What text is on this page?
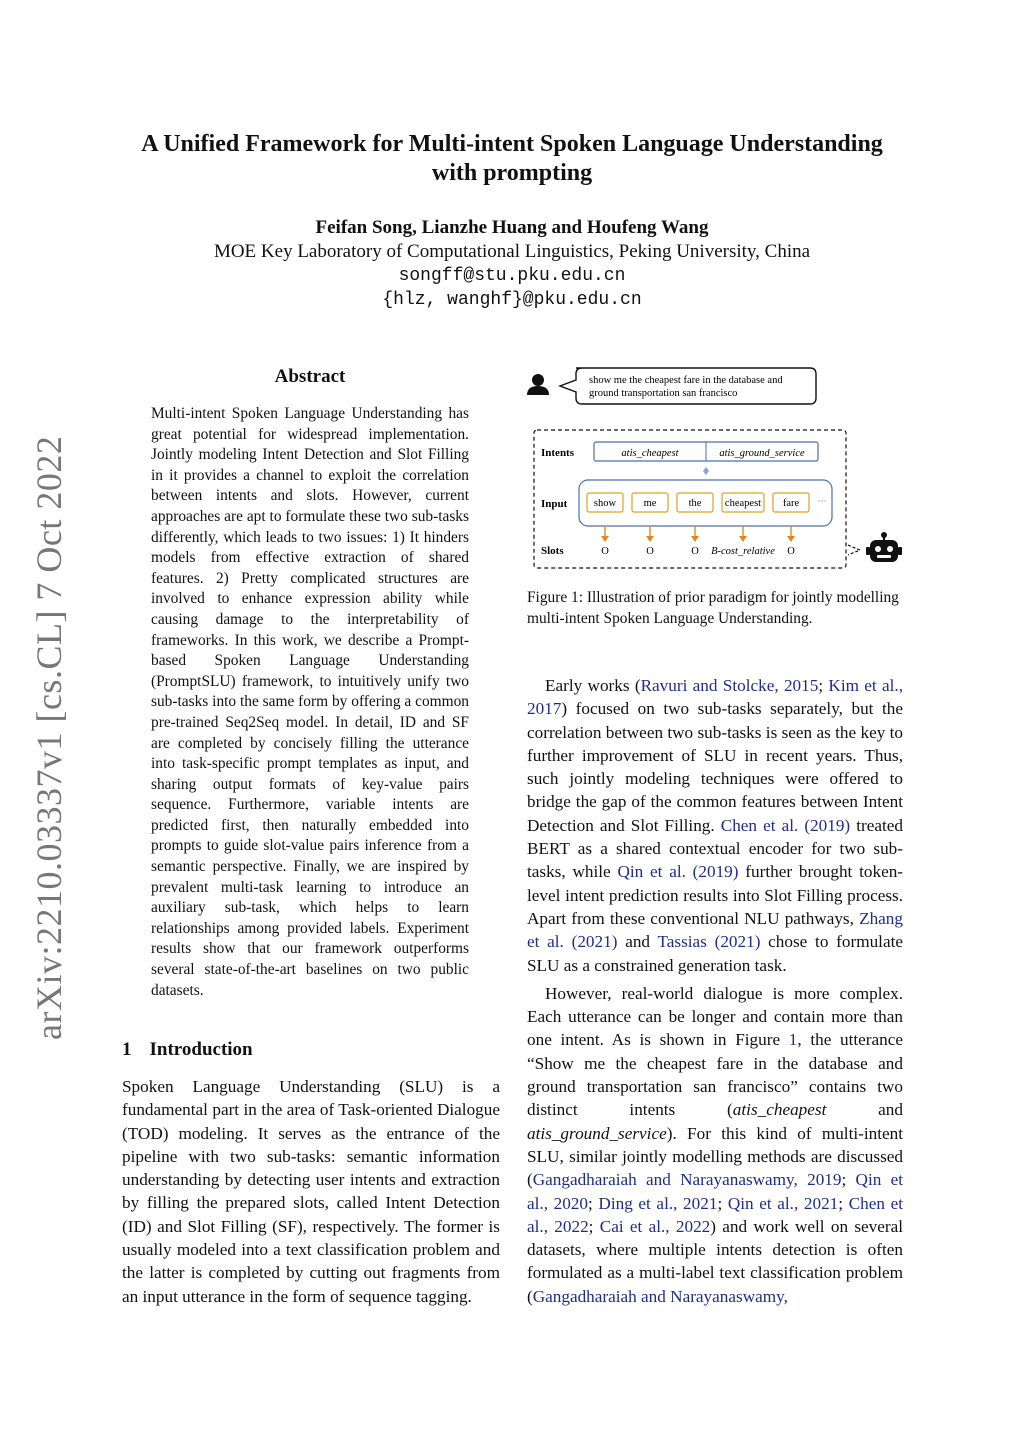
arXiv:2210.03337v1 [cs.CL] 7 Oct 2022
A Unified Framework for Multi-intent Spoken Language Understanding
with prompting
Feifan Song, Lianzhe Huang and Houfeng Wang
MOE Key Laboratory of Computational Linguistics, Peking University, China
songff@stu.pku.edu.cn
{hlz, wanghf}@pku.edu.cn
Abstract
Multi-intent Spoken Language Understanding has great potential for widespread implementation. Jointly modeling Intent Detection and Slot Filling in it provides a channel to exploit the correlation between intents and slots. However, current approaches are apt to formulate these two sub-tasks differently, which leads to two issues: 1) It hinders models from effective extraction of shared features. 2) Pretty complicated structures are involved to enhance expression ability while causing damage to the interpretability of frameworks. In this work, we describe a Prompt-based Spoken Language Understanding (PromptSLU) framework, to intuitively unify two sub-tasks into the same form by offering a common pre-trained Seq2Seq model. In detail, ID and SF are completed by concisely filling the utterance into task-specific prompt templates as input, and sharing output formats of key-value pairs sequence. Furthermore, variable intents are predicted first, then naturally embedded into prompts to guide slot-value pairs inference from a semantic perspective. Finally, we are inspired by prevalent multi-task learning to introduce an auxiliary sub-task, which helps to learn relationships among provided labels. Experiment results show that our framework outperforms several state-of-the-art baselines on two public datasets.
1 Introduction

Spoken Language Understanding (SLU) is a fundamental part in the area of Task-oriented Dialogue (TOD) modeling. It serves as the entrance of the pipeline with two sub-tasks: semantic information understanding by detecting user intents and extraction by filling the prepared slots, called Intent Detection (ID) and Slot Filling (SF), respectively. The former is usually modeled into a text classification problem and the latter is completed by cutting out fragments from an input utterance in the form of sequence tagging.

show me the cheapest fare in the database and
ground transportation san francisco
Intents
Input
Slots
atis_cheapest	atis_ground_service
show	me	the cheapest fare ···
O	O	O B-cost_relative O
Figure 1: Illustration of prior paradigm for jointly modelling multi-intent Spoken Language Understanding.

Early works (Ravuri and Stolcke, 2015; Kim et al., 2017) focused on two sub-tasks separately, but the correlation between two sub-tasks is seen as the key to further improvement of SLU in recent years. Thus, such jointly modeling techniques were offered to bridge the gap of the common features between Intent Detection and Slot Filling. Chen et al. (2019) treated BERT as a shared contextual encoder for two sub-tasks, while Qin et al. (2019) further brought token-level intent prediction results into Slot Filling process. Apart from these conventional NLU pathways, Zhang et al. (2021) and Tassias (2021) chose to formulate SLU as a constrained generation task.

However, real-world dialogue is more complex. Each utterance can be longer and contain more than one intent. As is shown in Figure 1, the utterance “Show me the cheapest fare in the database and ground transportation san francisco” contains two distinct intents (atis_cheapest and atis_ground_service). For this kind of multi-intent SLU, similar jointly modelling methods are discussed (Gangadharaiah and Narayanaswamy, 2019; Qin et al., 2020; Ding et al., 2021; Qin et al., 2021; Chen et al., 2022; Cai et al., 2022) and work well on several datasets, where multiple intents detection is often formulated as a multi-label text classification problem (Gangadharaiah and Narayanaswamy,
